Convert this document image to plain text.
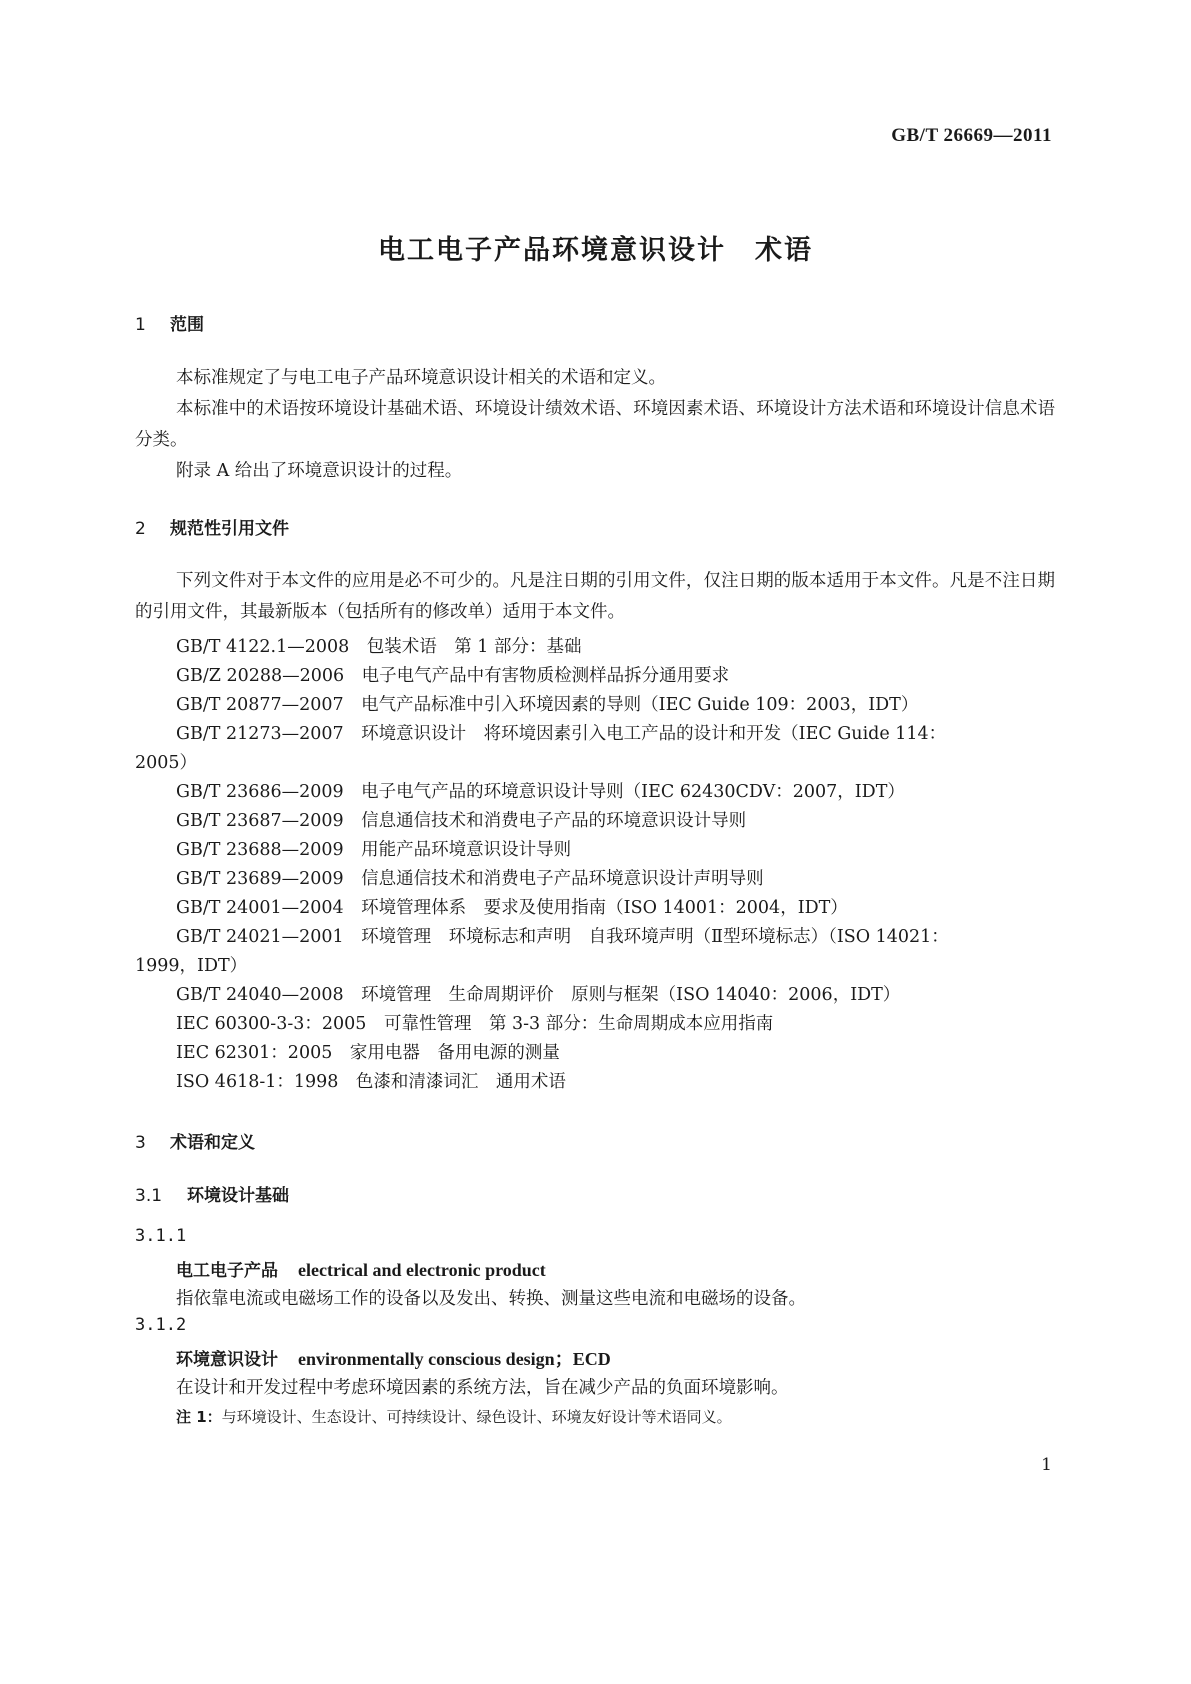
GB/T 26669—2011
电工电子产品环境意识设计　术语
1 范围
本标准规定了与电工电子产品环境意识设计相关的术语和定义。
本标准中的术语按环境设计基础术语、环境设计绩效术语、环境因素术语、环境设计方法术语和环境设计信息术语分类。
附录 A 给出了环境意识设计的过程。
2 规范性引用文件
下列文件对于本文件的应用是必不可少的。凡是注日期的引用文件，仅注日期的版本适用于本文件。凡是不注日期的引用文件，其最新版本（包括所有的修改单）适用于本文件。
GB/T 4122.1—2008　包装术语　第 1 部分：基础
GB/Z 20288—2006　电子电气产品中有害物质检测样品拆分通用要求
GB/T 20877—2007　电气产品标准中引入环境因素的导则（IEC Guide 109：2003，IDT）
GB/T 21273—2007　环境意识设计　将环境因素引入电工产品的设计和开发（IEC Guide 114：
2005）
GB/T 23686—2009　电子电气产品的环境意识设计导则（IEC 62430CDV：2007，IDT）
GB/T 23687—2009　信息通信技术和消费电子产品的环境意识设计导则
GB/T 23688—2009　用能产品环境意识设计导则
GB/T 23689—2009　信息通信技术和消费电子产品环境意识设计声明导则
GB/T 24001—2004　环境管理体系　要求及使用指南（ISO 14001：2004，IDT）
GB/T 24021—2001　环境管理　环境标志和声明　自我环境声明（Ⅱ型环境标志）（ISO 14021：
1999，IDT）
GB/T 24040—2008　环境管理　生命周期评价　原则与框架（ISO 14040：2006，IDT）
IEC 60300-3-3：2005　可靠性管理　第 3-3 部分：生命周期成本应用指南
IEC 62301：2005　家用电器　备用电源的测量
ISO 4618-1：1998　色漆和清漆词汇　通用术语
3 术语和定义
3.1 环境设计基础
3.1.1
电工电子产品 electrical and electronic product
指依靠电流或电磁场工作的设备以及发出、转换、测量这些电流和电磁场的设备。
3.1.2
环境意识设计 environmentally conscious design；ECD
在设计和开发过程中考虑环境因素的系统方法，旨在减少产品的负面环境影响。
注 1：与环境设计、生态设计、可持续设计、绿色设计、环境友好设计等术语同义。
1
